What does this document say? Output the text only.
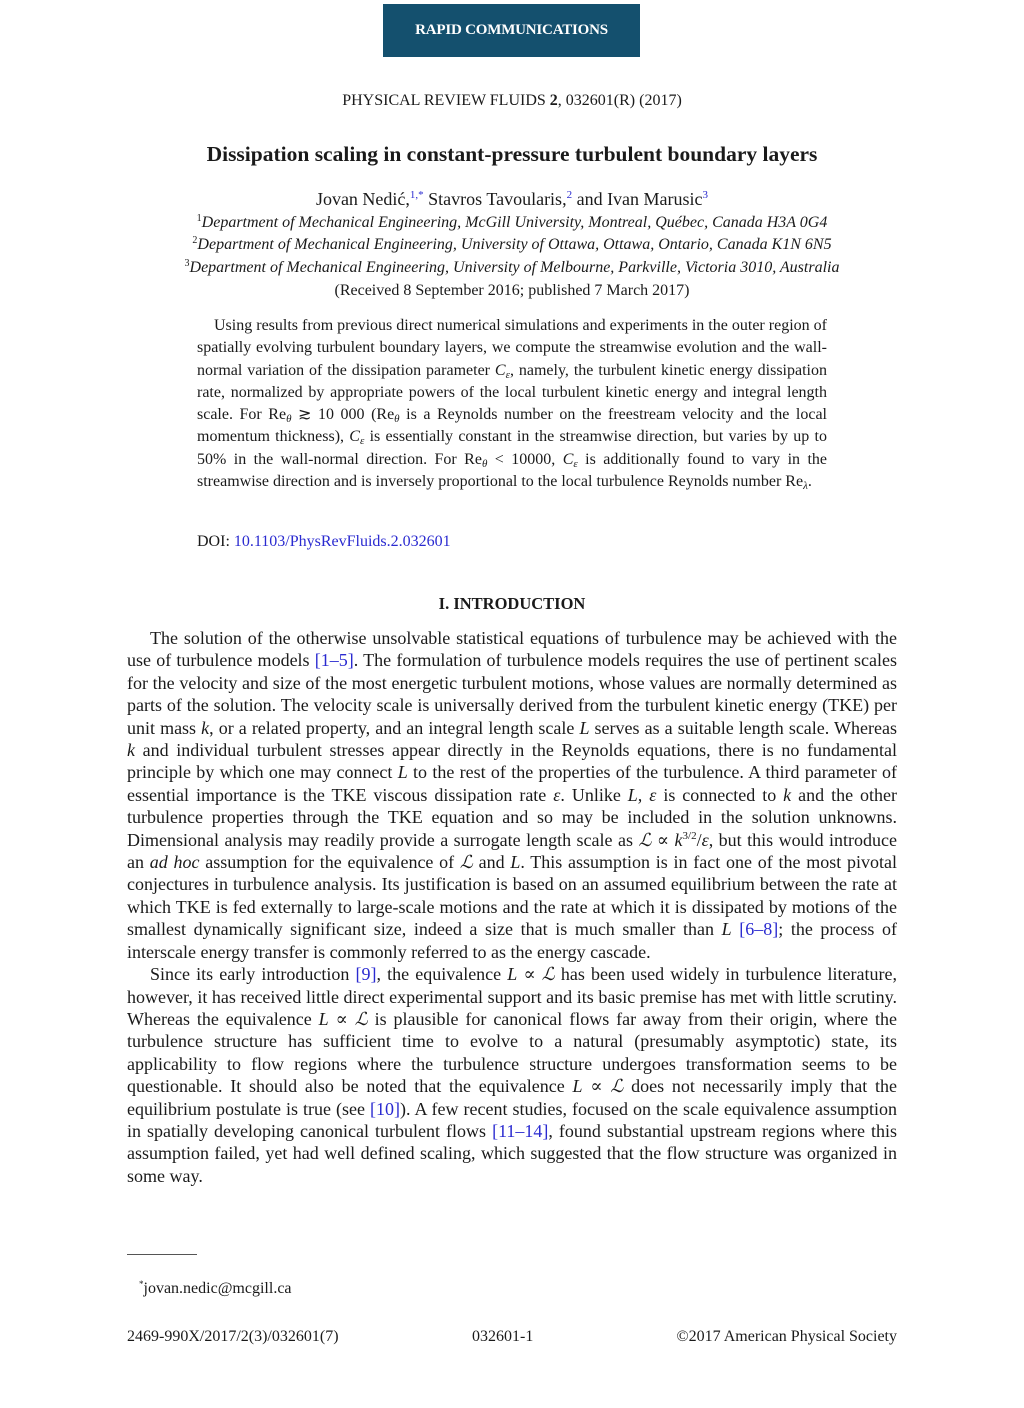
RAPID COMMUNICATIONS
PHYSICAL REVIEW FLUIDS 2, 032601(R) (2017)
Dissipation scaling in constant-pressure turbulent boundary layers
Jovan Nedić,$^{1,*}$ Stavros Tavoularis,$^2$ and Ivan Marusic$^3$
$^1$Department of Mechanical Engineering, McGill University, Montreal, Québec, Canada H3A 0G4
$^2$Department of Mechanical Engineering, University of Ottawa, Ottawa, Ontario, Canada K1N 6N5
$^3$Department of Mechanical Engineering, University of Melbourne, Parkville, Victoria 3010, Australia
(Received 8 September 2016; published 7 March 2017)
Using results from previous direct numerical simulations and experiments in the outer region of spatially evolving turbulent boundary layers, we compute the streamwise evolution and the wall-normal variation of the dissipation parameter $C_\varepsilon$, namely, the turbulent kinetic energy dissipation rate, normalized by appropriate powers of the local turbulent kinetic energy and integral length scale. For $Re_\theta$ ≳ 10 000 ($Re_\theta$ is a Reynolds number on the freestream velocity and the local momentum thickness), $C_\varepsilon$ is essentially constant in the streamwise direction, but varies by up to 50% in the wall-normal direction. For $Re_\theta < 10000$, $C_\varepsilon$ is additionally found to vary in the streamwise direction and is inversely proportional to the local turbulence Reynolds number $Re_\lambda$.
DOI: 10.1103/PhysRevFluids.2.032601
I. INTRODUCTION

The solution of the otherwise unsolvable statistical equations of turbulence may be achieved with the use of turbulence models [1–5]. The formulation of turbulence models requires the use of pertinent scales for the velocity and size of the most energetic turbulent motions, whose values are normally determined as parts of the solution. The velocity scale is universally derived from the turbulent kinetic energy (TKE) per unit mass k, or a related property, and an integral length scale L serves as a suitable length scale. Whereas k and individual turbulent stresses appear directly in the Reynolds equations, there is no fundamental principle by which one may connect L to the rest of the properties of the turbulence. A third parameter of essential importance is the TKE viscous dissipation rate ε. Unlike L, ε is connected to k and the other turbulence properties through the TKE equation and so may be included in the solution unknowns. Dimensional analysis may readily provide a surrogate length scale as ℒ ∝ $k^{3/2}/\varepsilon$, but this would introduce an ad hoc assumption for the equivalence of ℒ and L. This assumption is in fact one of the most pivotal conjectures in turbulence analysis. Its justification is based on an assumed equilibrium between the rate at which TKE is fed externally to large-scale motions and the rate at which it is dissipated by motions of the smallest dynamically significant size, indeed a size that is much smaller than L [6–8]; the process of interscale energy transfer is commonly referred to as the energy cascade.

Since its early introduction [9], the equivalence L ∝ ℒ has been used widely in turbulence literature, however, it has received little direct experimental support and its basic premise has met with little scrutiny. Whereas the equivalence L ∝ ℒ is plausible for canonical flows far away from their origin, where the turbulence structure has sufficient time to evolve to a natural (presumably asymptotic) state, its applicability to flow regions where the turbulence structure undergoes transformation seems to be questionable. It should also be noted that the equivalence L ∝ ℒ does not necessarily imply that the equilibrium postulate is true (see [10]). A few recent studies, focused on the scale equivalence assumption in spatially developing canonical turbulent flows [11–14], found substantial upstream regions where this assumption failed, yet had well defined scaling, which suggested that the flow structure was organized in some way.

*jovan.nedic@mcgill.ca
2469-990X/2017/2(3)/032601(7)	032601-1	©2017 American Physical Society
